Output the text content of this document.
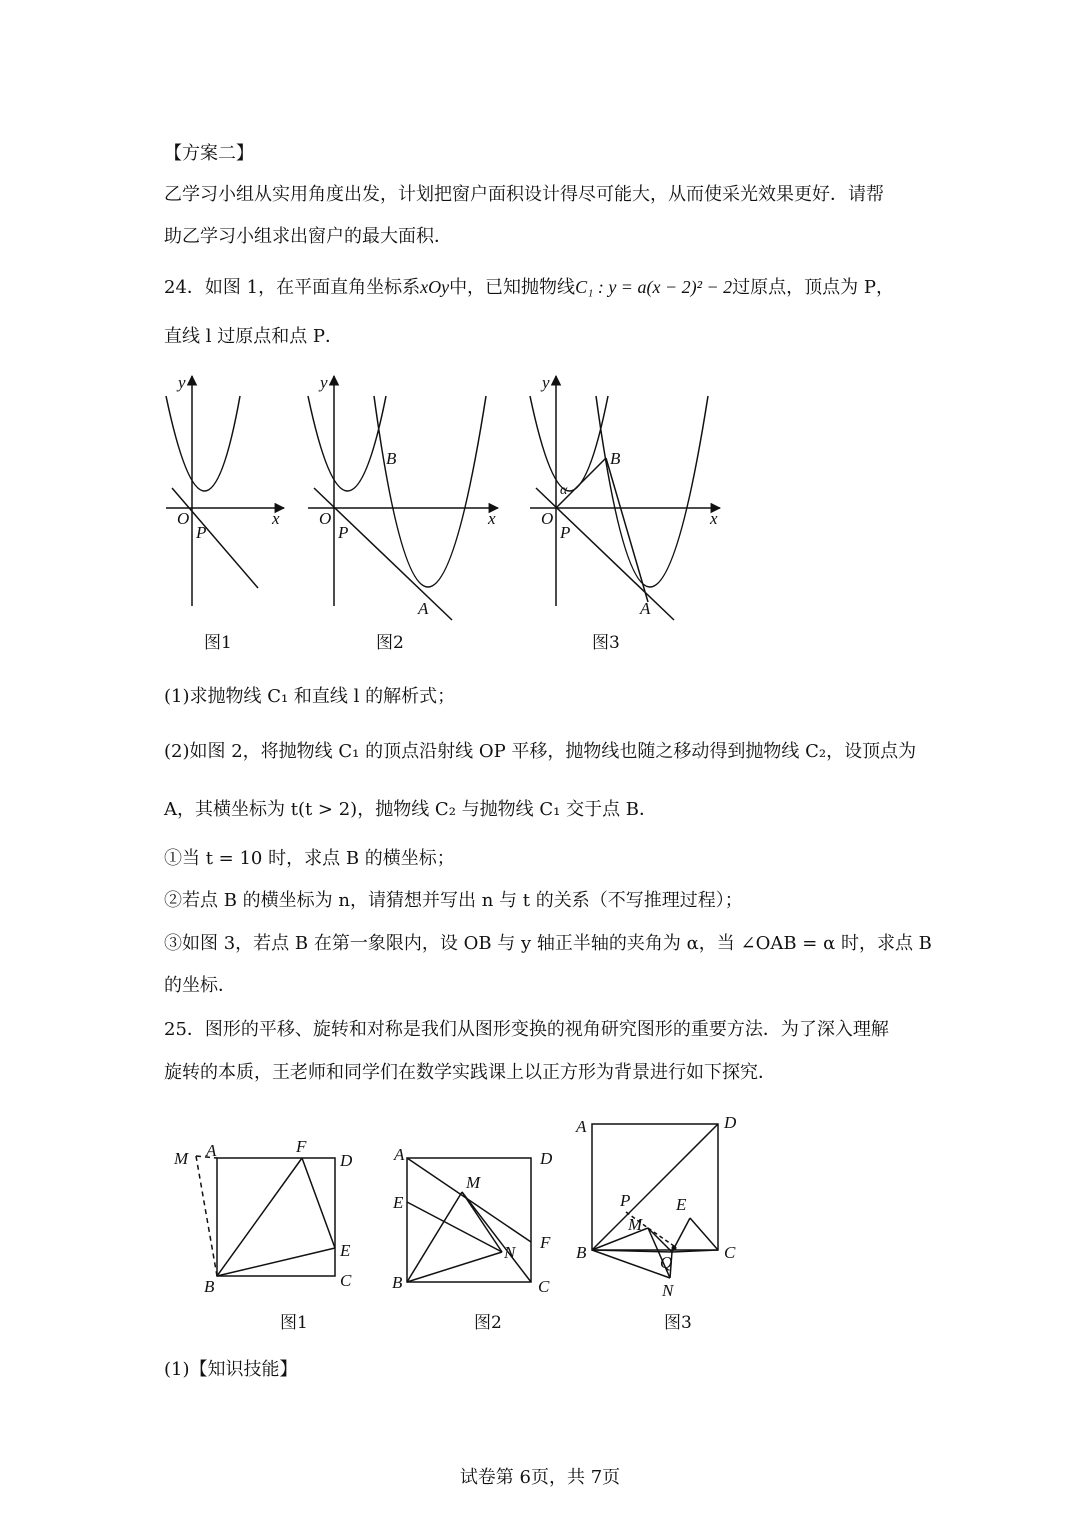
【方案二】
乙学习小组从实用角度出发，计划把窗户面积设计得尽可能大，从而使采光效果更好．请帮
助乙学习小组求出窗户的最大面积．
24．如图 1，在平面直角坐标系xOy中，已知抛物线C₁ : y = a(x − 2)² − 2过原点，顶点为 P，
直线 l 过原点和点 P．
y
x
O
P
图1
y
x
O
P
B
A
图2
y
x
O
P
B
A
α
图3
(1)求抛物线 C₁ 和直线 l 的解析式；
(2)如图 2，将抛物线 C₁ 的顶点沿射线 OP 平移，抛物线也随之移动得到抛物线 C₂，设顶点为
A，其横坐标为 t(t > 2)，抛物线 C₂ 与抛物线 C₁ 交于点 B．
①当 t = 10 时，求点 B 的横坐标；
②若点 B 的横坐标为 n，请猜想并写出 n 与 t 的关系（不写推理过程）；
③如图 3，若点 B 在第一象限内，设 OB 与 y 轴正半轴的夹角为 α，当 ∠OAB = α 时，求点 B
的坐标．
25．图形的平移、旋转和对称是我们从图形变换的视角研究图形的重要方法．为了深入理解
旋转的本质，王老师和同学们在数学实践课上以正方形为背景进行如下探究．
M A	F
D
E
C
B
图1
A	D
E
M
F
N
B	C
图2
A	D
P	E
M
B	C
Q
N
图3
(1)【知识技能】
试卷第 6页，共 7页
